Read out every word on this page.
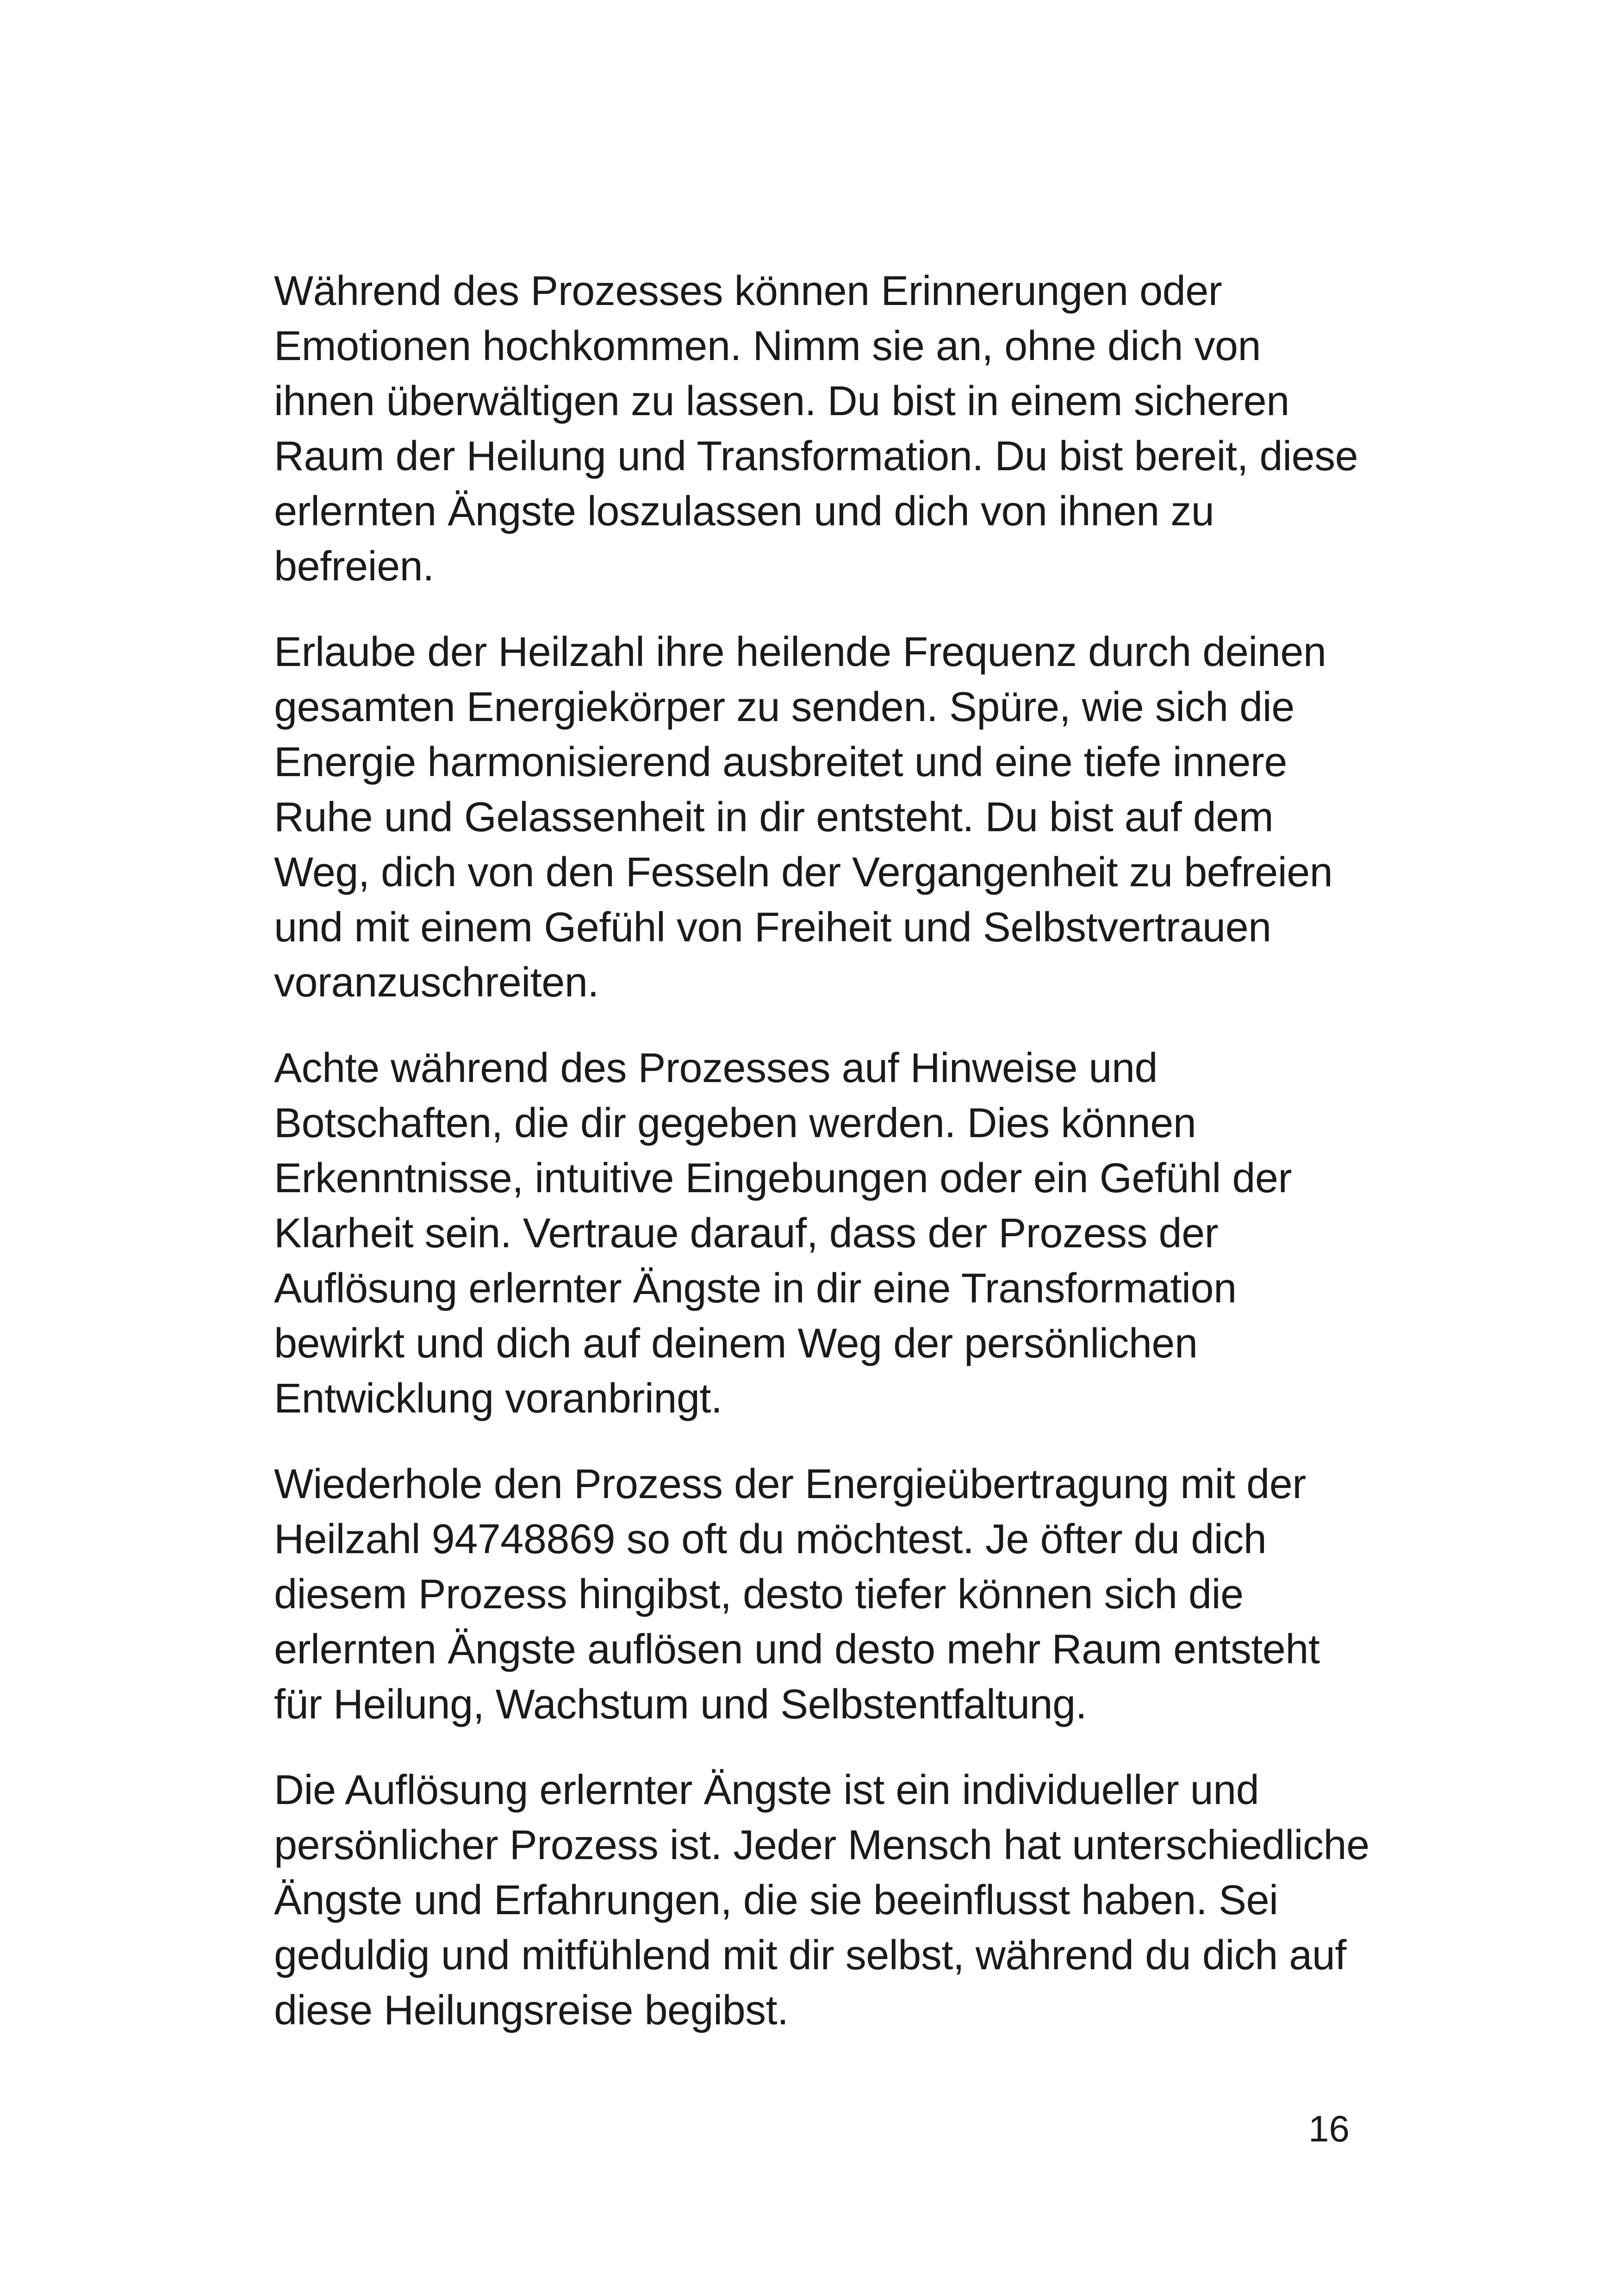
Während des Prozesses können Erinnerungen oder Emotionen hochkommen. Nimm sie an, ohne dich von ihnen überwältigen zu lassen. Du bist in einem sicheren Raum der Heilung und Transformation. Du bist bereit, diese erlernten Ängste loszulassen und dich von ihnen zu befreien.

Erlaube der Heilzahl ihre heilende Frequenz durch deinen gesamten Energiekörper zu senden. Spüre, wie sich die Energie harmonisierend ausbreitet und eine tiefe innere Ruhe und Gelassenheit in dir entsteht. Du bist auf dem Weg, dich von den Fesseln der Vergangenheit zu befreien und mit einem Gefühl von Freiheit und Selbstvertrauen voranzuschreiten.

Achte während des Prozesses auf Hinweise und Botschaften, die dir gegeben werden. Dies können Erkenntnisse, intuitive Eingebungen oder ein Gefühl der Klarheit sein. Vertraue darauf, dass der Prozess der Auflösung erlernter Ängste in dir eine Transformation bewirkt und dich auf deinem Weg der persönlichen Entwicklung voranbringt.

Wiederhole den Prozess der Energieübertragung mit der Heilzahl 94748869 so oft du möchtest. Je öfter du dich diesem Prozess hingibst, desto tiefer können sich die erlernten Ängste auflösen und desto mehr Raum entsteht für Heilung, Wachstum und Selbstentfaltung.

Die Auflösung erlernter Ängste ist ein individueller und persönlicher Prozess ist. Jeder Mensch hat unterschiedliche Ängste und Erfahrungen, die sie beeinflusst haben. Sei geduldig und mitfühlend mit dir selbst, während du dich auf diese Heilungsreise begibst.

16
